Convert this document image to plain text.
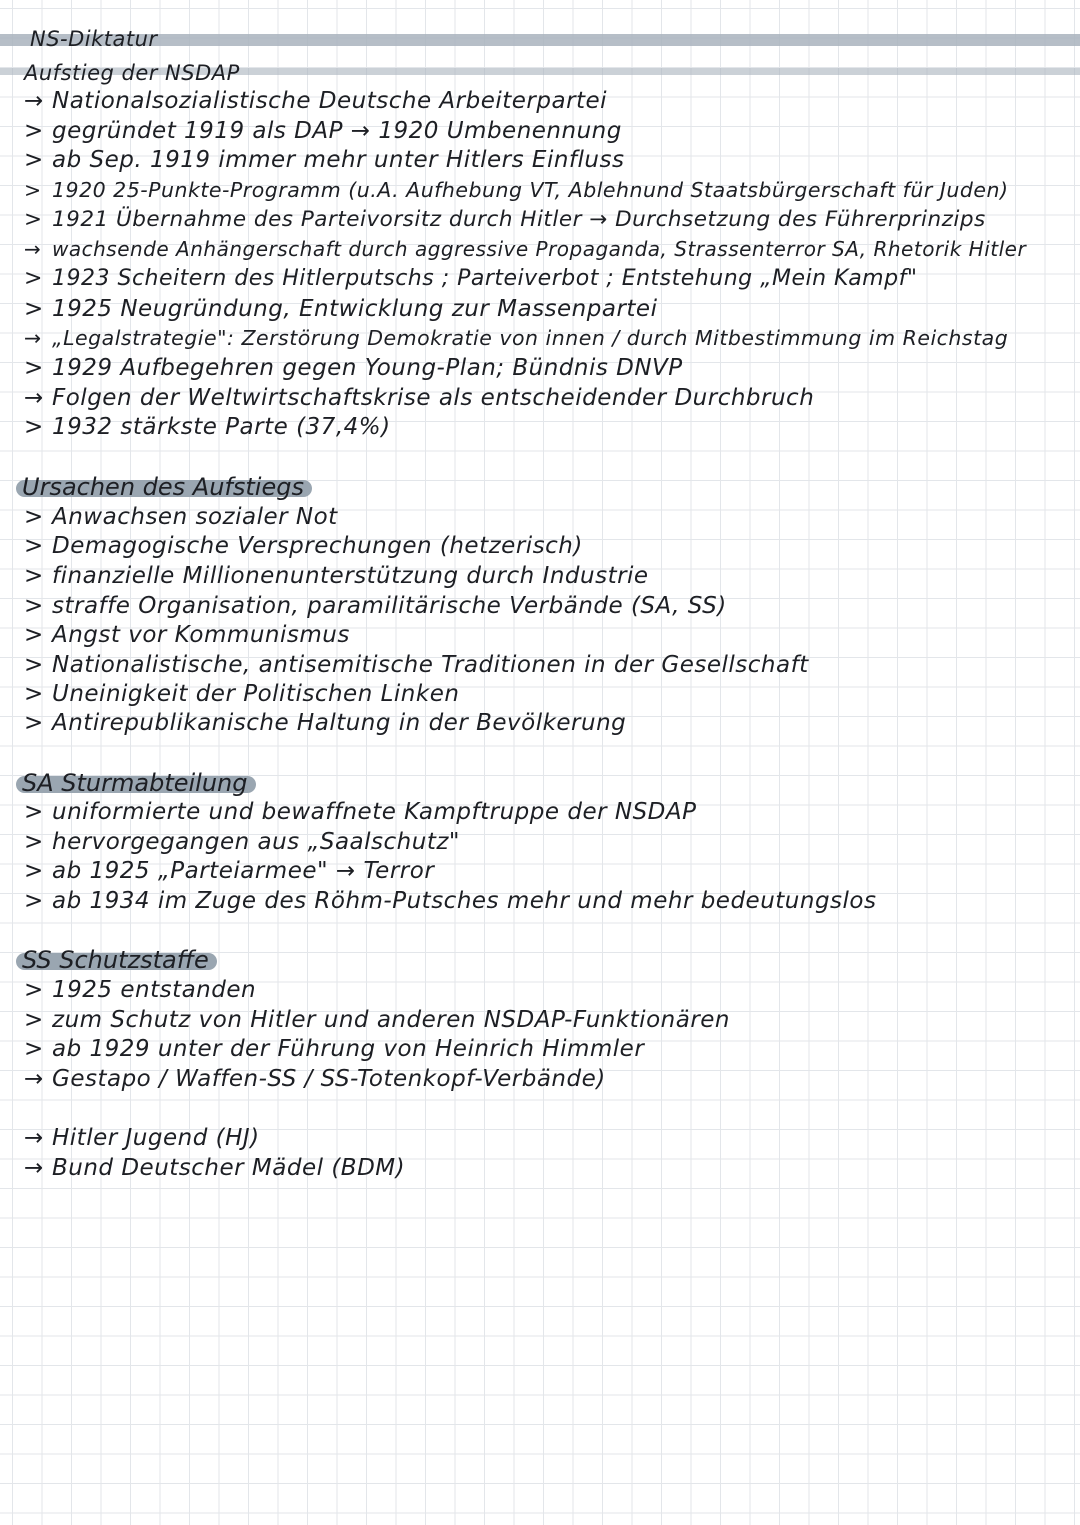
NS-Diktatur
Aufstieg der NSDAP
→ Nationalsozialistische Deutsche Arbeiterpartei
> gegründet 1919 als DAP → 1920 Umbenennung
> ab Sep. 1919 immer mehr unter Hitlers Einfluss
> 1920 25-Punkte-Programm (u.A. Aufhebung VT, Ablehnund Staatsbürgerschaft für Juden)
> 1921 Übernahme des Parteivorsitz durch Hitler → Durchsetzung des Führerprinzips
→ wachsende Anhängerschaft durch aggressive Propaganda, Strassenterror SA, Rhetorik Hitler
> 1923 Scheitern des Hitlerputschs ; Parteiverbot ; Entstehung „Mein Kampf"
> 1925 Neugründung, Entwicklung zur Massenpartei
→ „Legalstrategie": Zerstörung Demokratie von innen / durch Mitbestimmung im Reichstag
> 1929 Aufbegehren gegen Young-Plan; Bündnis DNVP
→ Folgen der Weltwirtschaftskrise als entscheidender Durchbruch
> 1932 stärkste Parte (37,4%)
Ursachen des Aufstiegs
> Anwachsen sozialer Not
> Demagogische Versprechungen (hetzerisch)
> finanzielle Millionenunterstützung durch Industrie
> straffe Organisation, paramilitärische Verbände (SA, SS)
> Angst vor Kommunismus
> Nationalistische, antisemitische Traditionen in der Gesellschaft
> Uneinigkeit der Politischen Linken
> Antirepublikanische Haltung in der Bevölkerung
SA Sturmabteilung
> uniformierte und bewaffnete Kampftruppe der NSDAP
> hervorgegangen aus „Saalschutz"
> ab 1925 „Parteiarmee" → Terror
> ab 1934 im Zuge des Röhm-Putsches mehr und mehr bedeutungslos
SS Schutzstaffe
> 1925 entstanden
> zum Schutz von Hitler und anderen NSDAP-Funktionären
> ab 1929 unter der Führung von Heinrich Himmler
→ Gestapo / Waffen-SS / SS-Totenkopf-Verbände)
→ Hitler Jugend (HJ)
→ Bund Deutscher Mädel (BDM)
